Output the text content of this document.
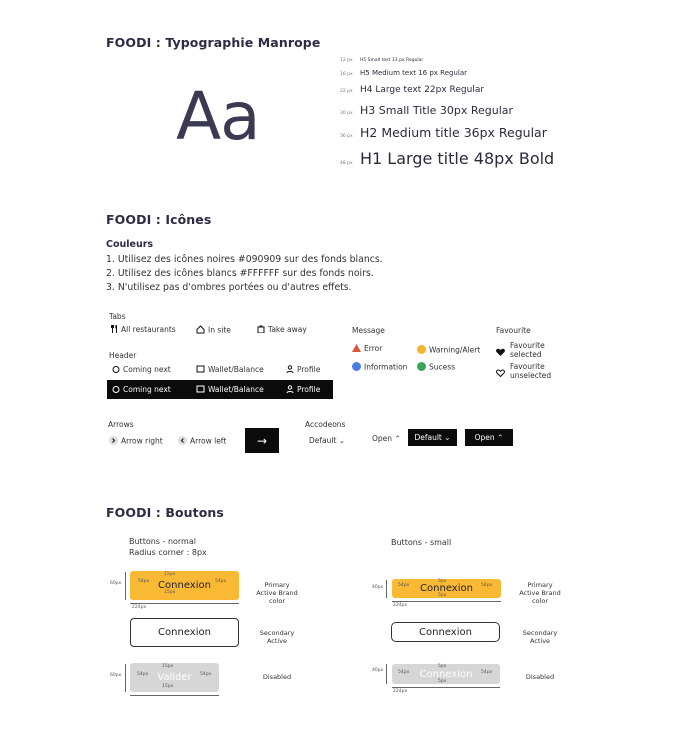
FOODI : Typographie Manrope
Aa
12 px	H5 Small text 13 px Regular
16 px	H5 Medium text 16 px Regular
22 px H4 Large text 22px Regular
30 px H3 Small Title 30px Regular
36 px H2 Medium title 36px Regular
48 px H1 Large title 48px Bold
FOODI : Icônes
Couleurs
1. Utilisez des icônes noires #090909 sur des fonds blancs.
2. Utilisez des icônes blancs #FFFFFF sur des fonds noirs.
3. N'utilisez pas d'ombres portées ou d'autres effets.
Tabs
All restaurants	In site	Take away
Header
Coming next	Wallet/Balance	Profile
Coming next	Wallet/Balance	Profile
Message
Error	Warning/Alert
Information	Sucess
Favourite
Favourite selected
Favourite unselected
Arrows
Arrow right	Arrow left	→
Accodeons
Default ⌄	Open ⌃ Default
⌄	Open
⌃
FOODI : Boutons
Buttons - normal
Radius corner : 8px
Buttons - small
60px	Connexion
54px	54px
15px
15px
224px
Primary Active Brand color
Connexion	Secondary Active
60px	Valider
54px	54px
15px
15px
Disabled
40px	Connexion
54px	54px
5px
5px
224px
Primary Active Brand color
Connexion	Secondary Active
40px	Connexion
54px	54px
5px
5px
224px
Disabled
